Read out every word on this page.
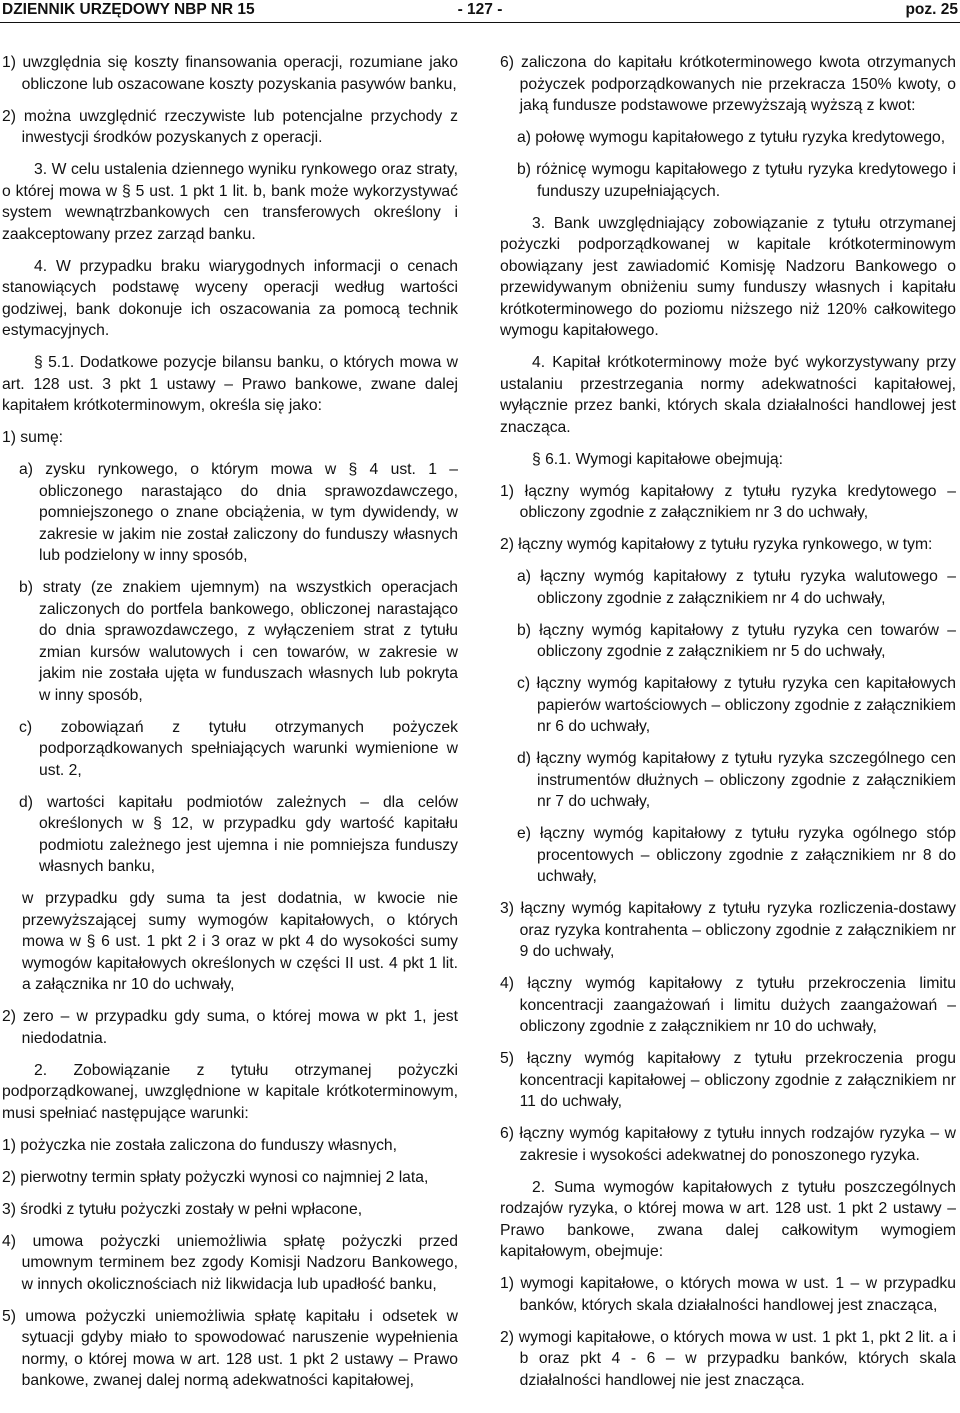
- 127 -
DZIENNIK URZĘDOWY NBP NR 15	poz. 25

1) uwzględnia się koszty finansowania operacji, rozumiane jako obliczone lub oszacowane koszty pozyskania pasywów banku,

2) można uwzględnić rzeczywiste lub potencjalne przychody z inwestycji środków pozyskanych z operacji.

3. W celu ustalenia dziennego wyniku rynkowego oraz straty, o której mowa w § 5 ust. 1 pkt 1 lit. b, bank może wykorzystywać system wewnątrzbankowych cen transferowych określony i zaakceptowany przez zarząd banku.

4. W przypadku braku wiarygodnych informacji o cenach stanowiących podstawę wyceny operacji według wartości godziwej, bank dokonuje ich oszacowania za pomocą technik estymacyjnych.

§ 5.1. Dodatkowe pozycje bilansu banku, o których mowa w art. 128 ust. 3 pkt 1 ustawy – Prawo bankowe, zwane dalej kapitałem krótkoterminowym, określa się jako:

1) sumę:

a) zysku rynkowego, o którym mowa w § 4 ust. 1 – obliczonego narastająco do dnia sprawozdawczego, pomniejszonego o znane obciążenia, w tym dywidendy, w zakresie w jakim nie został zaliczony do funduszy własnych lub podzielony w inny sposób,

b) straty (ze znakiem ujemnym) na wszystkich operacjach zaliczonych do portfela bankowego, obliczonej narastająco do dnia sprawozdawczego, z wyłączeniem strat z tytułu zmian kursów walutowych i cen towarów, w zakresie w jakim nie została ujęta w funduszach własnych lub pokryta w inny sposób,

c) zobowiązań z tytułu otrzymanych pożyczek podporządkowanych spełniających warunki wymienione w ust. 2,

d) wartości kapitału podmiotów zależnych – dla celów określonych w § 12, w przypadku gdy wartość kapitału podmiotu zależnego jest ujemna i nie pomniejsza funduszy własnych banku,

w przypadku gdy suma ta jest dodatnia, w kwocie nie przewyższającej sumy wymogów kapitałowych, o których mowa w § 6 ust. 1 pkt 2 i 3 oraz w pkt 4 do wysokości sumy wymogów kapitałowych określonych w części II ust. 4 pkt 1 lit. a załącznika nr 10 do uchwały,

2) zero – w przypadku gdy suma, o której mowa w pkt 1, jest niedodatnia.

2. Zobowiązanie z tytułu otrzymanej pożyczki podporządkowanej, uwzględnione w kapitale krótkoterminowym, musi spełniać następujące warunki:

1) pożyczka nie została zaliczona do funduszy własnych,

2) pierwotny termin spłaty pożyczki wynosi co najmniej 2 lata,

3) środki z tytułu pożyczki zostały w pełni wpłacone,

4) umowa pożyczki uniemożliwia spłatę pożyczki przed umownym terminem bez zgody Komisji Nadzoru Bankowego, w innych okolicznościach niż likwidacja lub upadłość banku,

5) umowa pożyczki uniemożliwia spłatę kapitału i odsetek w sytuacji gdyby miało to spowodować naruszenie wypełnienia normy, o której mowa w art. 128 ust. 1 pkt 2 ustawy – Prawo bankowe, zwanej dalej normą adekwatności kapitałowej,

6) zaliczona do kapitału krótkoterminowego kwota otrzymanych pożyczek podporządkowanych nie przekracza 150% kwoty, o jaką fundusze podstawowe przewyższają wyższą z kwot:

a) połowę wymogu kapitałowego z tytułu ryzyka kredytowego,

b) różnicę wymogu kapitałowego z tytułu ryzyka kredytowego i funduszy uzupełniających.

3. Bank uwzględniający zobowiązanie z tytułu otrzymanej pożyczki podporządkowanej w kapitale krótkoterminowym obowiązany jest zawiadomić Komisję Nadzoru Bankowego o przewidywanym obniżeniu sumy funduszy własnych i kapitału krótkoterminowego do poziomu niższego niż 120% całkowitego wymogu kapitałowego.

4. Kapitał krótkoterminowy może być wykorzystywany przy ustalaniu przestrzegania normy adekwatności kapitałowej, wyłącznie przez banki, których skala działalności handlowej jest znacząca.

§ 6.1. Wymogi kapitałowe obejmują:

1) łączny wymóg kapitałowy z tytułu ryzyka kredytowego – obliczony zgodnie z załącznikiem nr 3 do uchwały,

2) łączny wymóg kapitałowy z tytułu ryzyka rynkowego, w tym:

a) łączny wymóg kapitałowy z tytułu ryzyka walutowego – obliczony zgodnie z załącznikiem nr 4 do uchwały,

b) łączny wymóg kapitałowy z tytułu ryzyka cen towarów – obliczony zgodnie z załącznikiem nr 5 do uchwały,

c) łączny wymóg kapitałowy z tytułu ryzyka cen kapitałowych papierów wartościowych – obliczony zgodnie z załącznikiem nr 6 do uchwały,

d) łączny wymóg kapitałowy z tytułu ryzyka szczególnego cen instrumentów dłużnych – obliczony zgodnie z załącznikiem nr 7 do uchwały,

e) łączny wymóg kapitałowy z tytułu ryzyka ogólnego stóp procentowych – obliczony zgodnie z załącznikiem nr 8 do uchwały,

3) łączny wymóg kapitałowy z tytułu ryzyka rozliczenia-dostawy oraz ryzyka kontrahenta – obliczony zgodnie z załącznikiem nr 9 do uchwały,

4) łączny wymóg kapitałowy z tytułu przekroczenia limitu koncentracji zaangażowań i limitu dużych zaangażowań – obliczony zgodnie z załącznikiem nr 10 do uchwały,

5) łączny wymóg kapitałowy z tytułu przekroczenia progu koncentracji kapitałowej – obliczony zgodnie z załącznikiem nr 11 do uchwały,

6) łączny wymóg kapitałowy z tytułu innych rodzajów ryzyka – w zakresie i wysokości adekwatnej do ponoszonego ryzyka.

2. Suma wymogów kapitałowych z tytułu poszczególnych rodzajów ryzyka, o której mowa w art. 128 ust. 1 pkt 2 ustawy – Prawo bankowe, zwana dalej całkowitym wymogiem kapitałowym, obejmuje:

1) wymogi kapitałowe, o których mowa w ust. 1 – w przypadku banków, których skala działalności handlowej jest znacząca,

2) wymogi kapitałowe, o których mowa w ust. 1 pkt 1, pkt 2 lit. a i b oraz pkt 4 - 6 – w przypadku banków, których skala działalności handlowej nie jest znacząca.
